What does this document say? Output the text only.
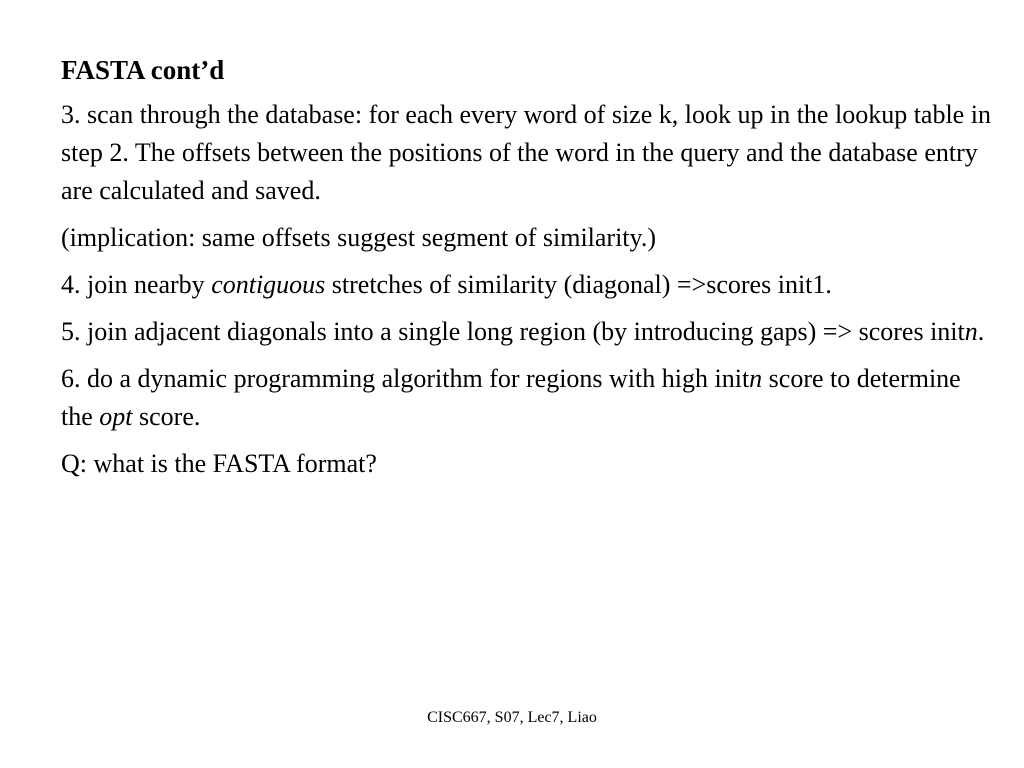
FASTA cont’d

3. scan through the database: for each every word of size k, look up in the lookup table in step 2. The offsets between the positions of the word in the query and the database entry are calculated and saved.

(implication: same offsets suggest segment of similarity.)

4. join nearby contiguous stretches of similarity (diagonal) =>scores init1.

5. join adjacent diagonals into a single long region (by introducing gaps) => scores initn.

6. do a dynamic programming algorithm for regions with high initn score to determine the opt score.

Q: what is the FASTA format?

CISC667, S07, Lec7, Liao
